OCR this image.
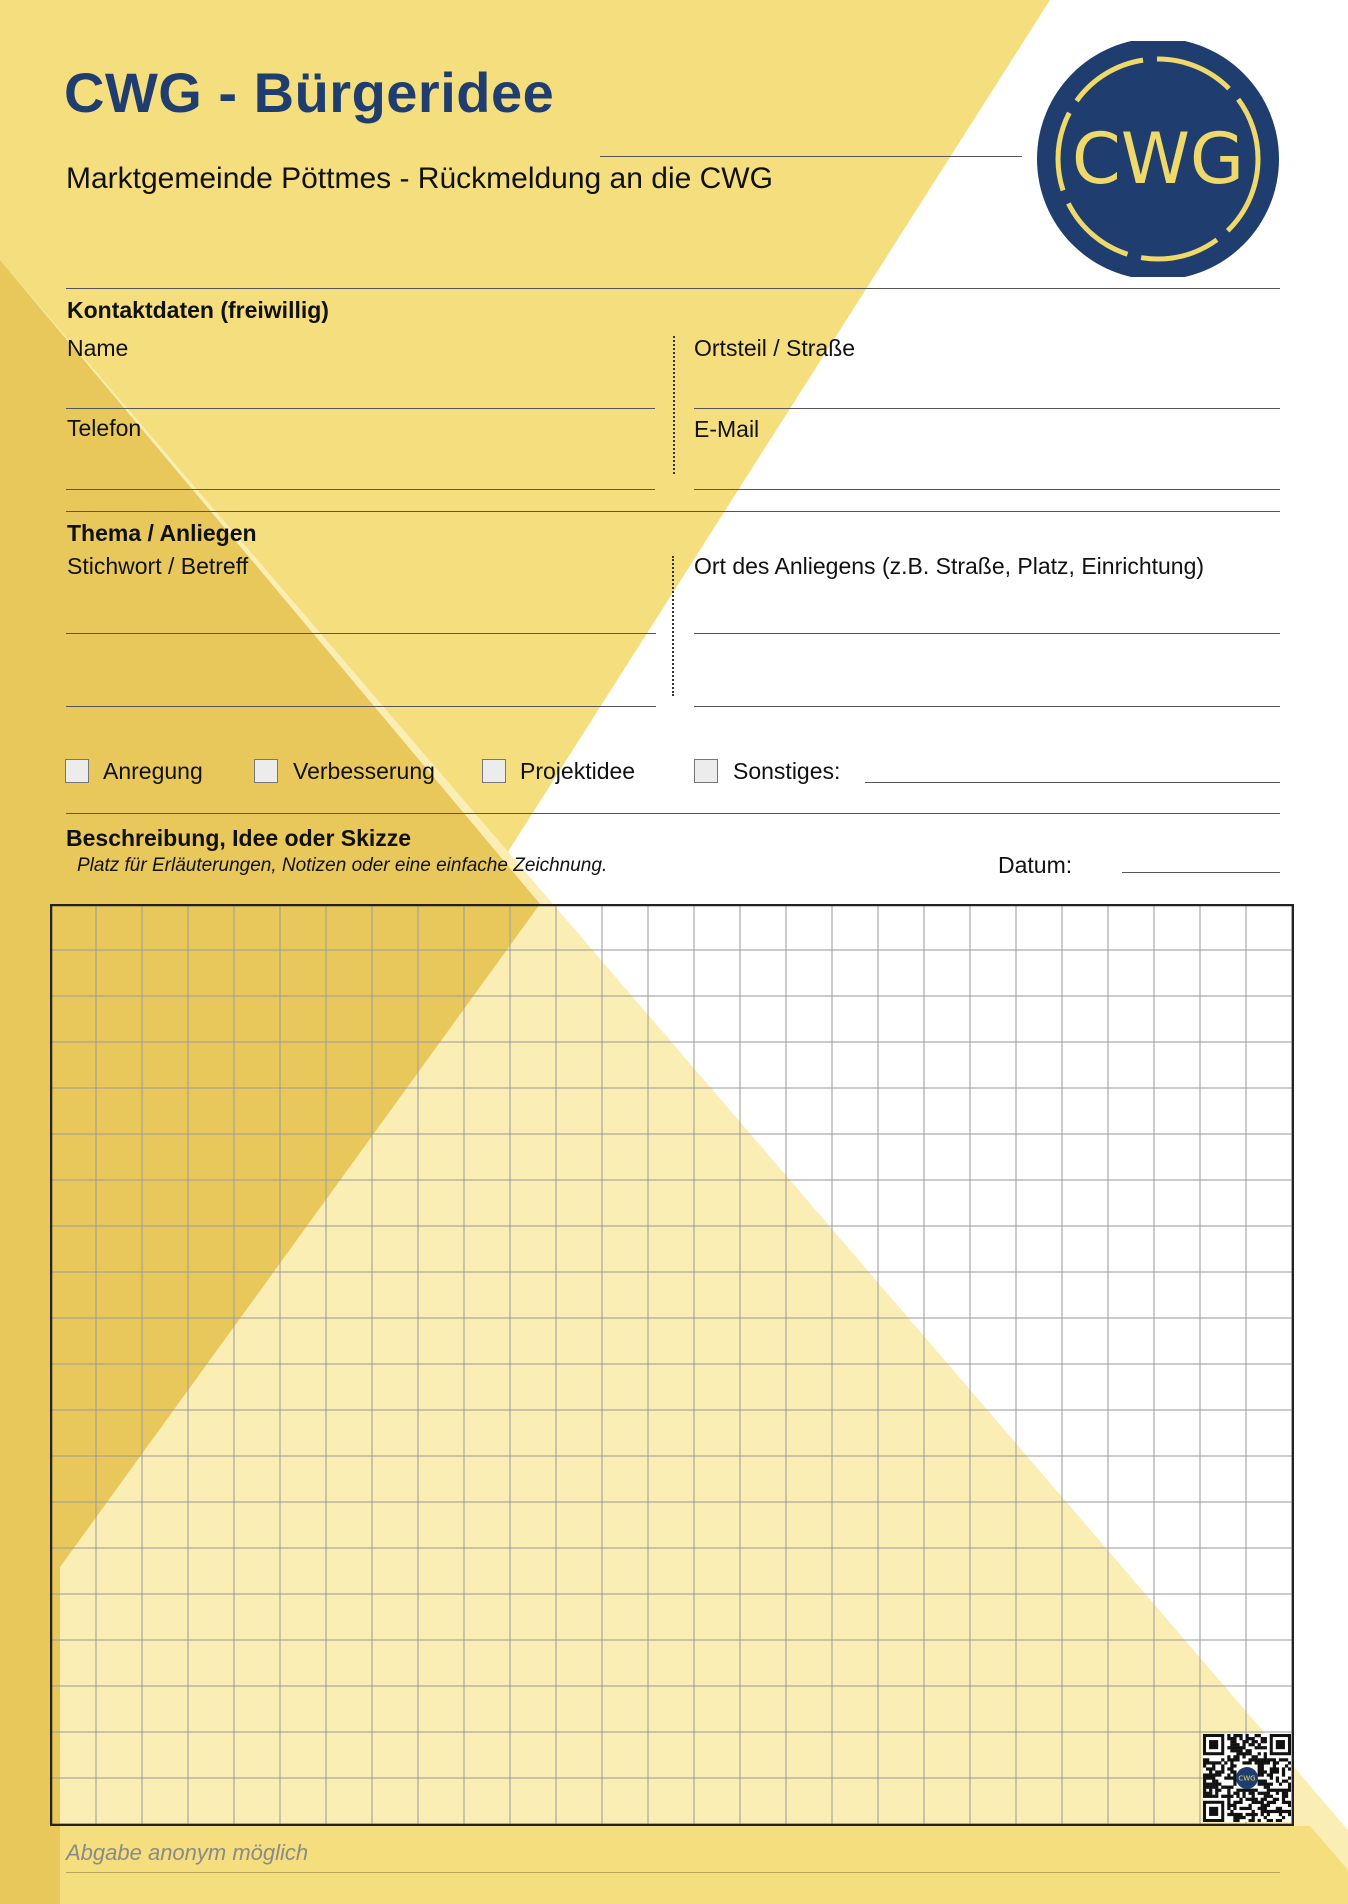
CWG
CWG - Bürgeridee
Marktgemeinde Pöttmes - Rückmeldung an die CWG
Kontaktdaten (freiwillig)
Name	Ortsteil / Straße
Telefon	E-Mail
Thema / Anliegen
Stichwort / Betreff	Ort des Anliegens (z.B. Straße, Platz, Einrichtung)
Anregung	Verbesserung	Projektidee	Sonstiges:
Beschreibung, Idee oder Skizze
Platz für Erläuterungen, Notizen oder eine einfache Zeichnung.	Datum:
CWG
Abgabe anonym möglich
